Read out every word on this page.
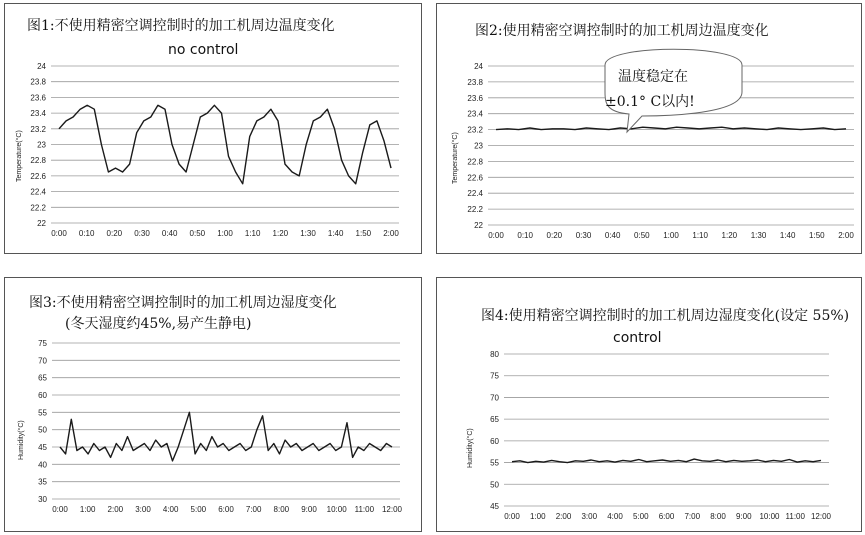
图1:不使用精密空调控制时的加工机周边温度变化
no control
Temperature(°C)
22
22.2
22.4
22.6
22.8
23
23.2
23.4
23.6
23.8
24
0:00 0:10 0:20 0:30 0:40 0:50 1:00 1:10 1:20 1:30 1:40 1:50 2:00
图2:使用精密空调控制时的加工机周边温度变化
Temperature(°C)
22
22.2
22.4
22.6
22.8
23
23.2
23.4
23.6
23.8
24
0:00 0:10 0:20 0:30 0:40 0:50 1:00 1:10 1:20 1:30 1:40 1:50 2:00
温度稳定在
±0.1° C以内!
图3:不使用精密空调控制时的加工机周边湿度变化
(冬天湿度约45%,易产生静电)
Humidity(°C)
30
35
40
45
50
55
60
65
70
75
0:00 1:00 2:00 3:00 4:00 5:00 6:00 7:00 8:00 9:00 10:00 11:00 12:00
图4:使用精密空调控制时的加工机周边湿度变化(设定 55%)
control
Humidity(°C)
45
50
55
60
65
70
75
80
0:00 1:00 2:00 3:00 4:00 5:00 6:00 7:00 8:00 9:00 10:00 11:00 12:00
